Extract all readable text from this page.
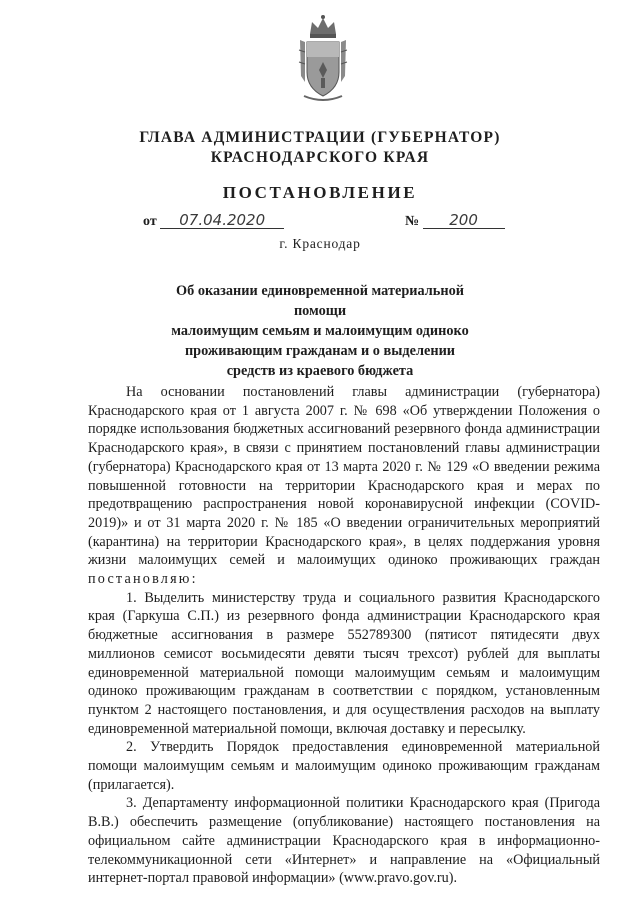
ГЛАВА АДМИНИСТРАЦИИ (ГУБЕРНАТОР)
КРАСНОДАРСКОГО КРАЯ
ПОСТАНОВЛЕНИЕ
от 07.04.2020	№ 200
г. Краснодар
Об оказании единовременной материальной помощи
малоимущим семьям и малоимущим одиноко
проживающим гражданам и о выделении
средств из краевого бюджета

На основании постановлений главы администрации (губернатора) Краснодарского края от 1 августа 2007 г. № 698 «Об утверждении Положения о порядке использования бюджетных ассигнований резервного фонда администрации Краснодарского края», в связи с принятием постановлений главы администрации (губернатора) Краснодарского края от 13 марта 2020 г. № 129 «О введении режима повышенной готовности на территории Краснодарского края и мерах по предотвращению распространения новой коронавирусной инфекции (COVID-2019)» и от 31 марта 2020 г. № 185 «О введении ограничительных мероприятий (карантина) на территории Краснодарского края», в целях поддержания уровня жизни малоимущих семей и малоимущих одиноко проживающих граждан постановляю:

1. Выделить министерству труда и социального развития Краснодарского края (Гаркуша С.П.) из резервного фонда администрации Краснодарского края бюджетные ассигнования в размере 552789300 (пятисот пятидесяти двух миллионов семисот восьмидесяти девяти тысяч трехсот) рублей для выплаты единовременной материальной помощи малоимущим семьям и малоимущим одиноко проживающим гражданам в соответствии с порядком, установленным пунктом 2 настоящего постановления, и для осуществления расходов на выплату единовременной материальной помощи, включая доставку и пересылку.

2. Утвердить Порядок предоставления единовременной материальной помощи малоимущим семьям и малоимущим одиноко проживающим гражданам (прилагается).

3. Департаменту информационной политики Краснодарского края (Пригода В.В.) обеспечить размещение (опубликование) настоящего постановления на официальном сайте администрации Краснодарского края в информационно-телекоммуникационной сети «Интернет» и направление на «Официальный интернет-портал правовой информации» (www.pravo.gov.ru).
